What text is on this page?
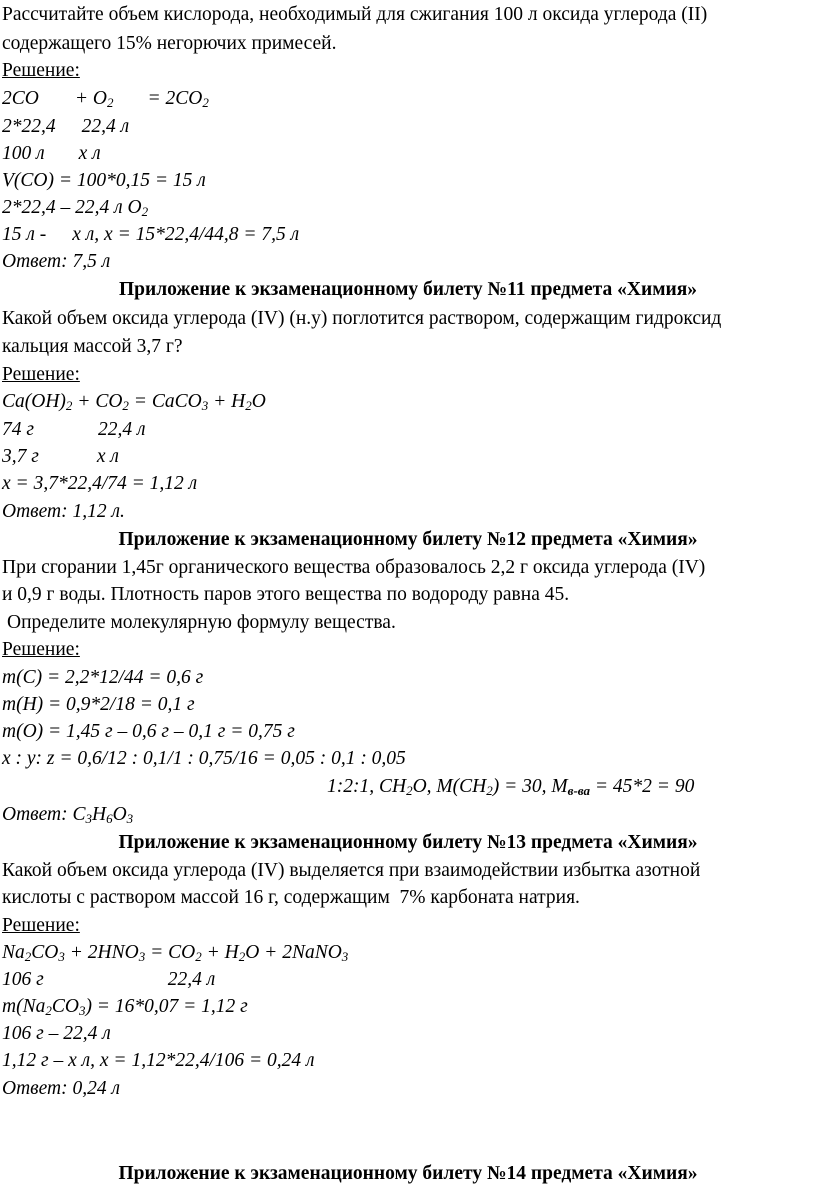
Рассчитайте объем кислорода, необходимый для сжигания 100 л оксида углерода (II)
содержащего 15% негорючих примесей.
Решение:
2CO + O2 = 2CO2
2*22,4 22,4 л
100 л х л
V(CO) = 100*0,15 = 15 л
2*22,4 – 22,4 л O2
15 л - х л, х = 15*22,4/44,8 = 7,5 л
Ответ: 7,5 л
Приложение к экзаменационному билету №11 предмета «Химия»
Какой объем оксида углерода (IV) (н.у) поглотится раствором, содержащим гидроксид
кальция массой 3,7 г?
Решение:
Ca(OH)2 + CO2 = CaCO3 + H2O
74 г	22,4 л
3,7 г	х л
х = 3,7*22,4/74 = 1,12 л
Ответ: 1,12 л.
Приложение к экзаменационному билету №12 предмета «Химия»
При сгорании 1,45г органического вещества образовалось 2,2 г оксида углерода (IV)
и 0,9 г воды. Плотность паров этого вещества по водороду равна 45.
Определите молекулярную формулу вещества.
Решение:
m(C) = 2,2*12/44 = 0,6 г
m(H) = 0,9*2/18 = 0,1 г
m(O) = 1,45 г – 0,6 г – 0,1 г = 0,75 г
x : y: z = 0,6/12 : 0,1/1 : 0,75/16 = 0,05 : 0,1 : 0,05
1:2:1, CH2O, M(CH2) = 30, Mв-ва = 45*2 = 90
Ответ: C3H6O3
Приложение к экзаменационному билету №13 предмета «Химия»
Какой объем оксида углерода (IV) выделяется при взаимодействии избытка азотной
кислоты с раствором массой 16 г, содержащим  7% карбоната натрия.
Решение:
Na2CO3 + 2HNO3 = CO2 + H2O + 2NaNO3
106 г	22,4 л
m(Na2CO3) = 16*0,07 = 1,12 г
106 г – 22,4 л
1,12 г – х л, х = 1,12*22,4/106 = 0,24 л
Ответ: 0,24 л
Приложение к экзаменационному билету №14 предмета «Химия»
